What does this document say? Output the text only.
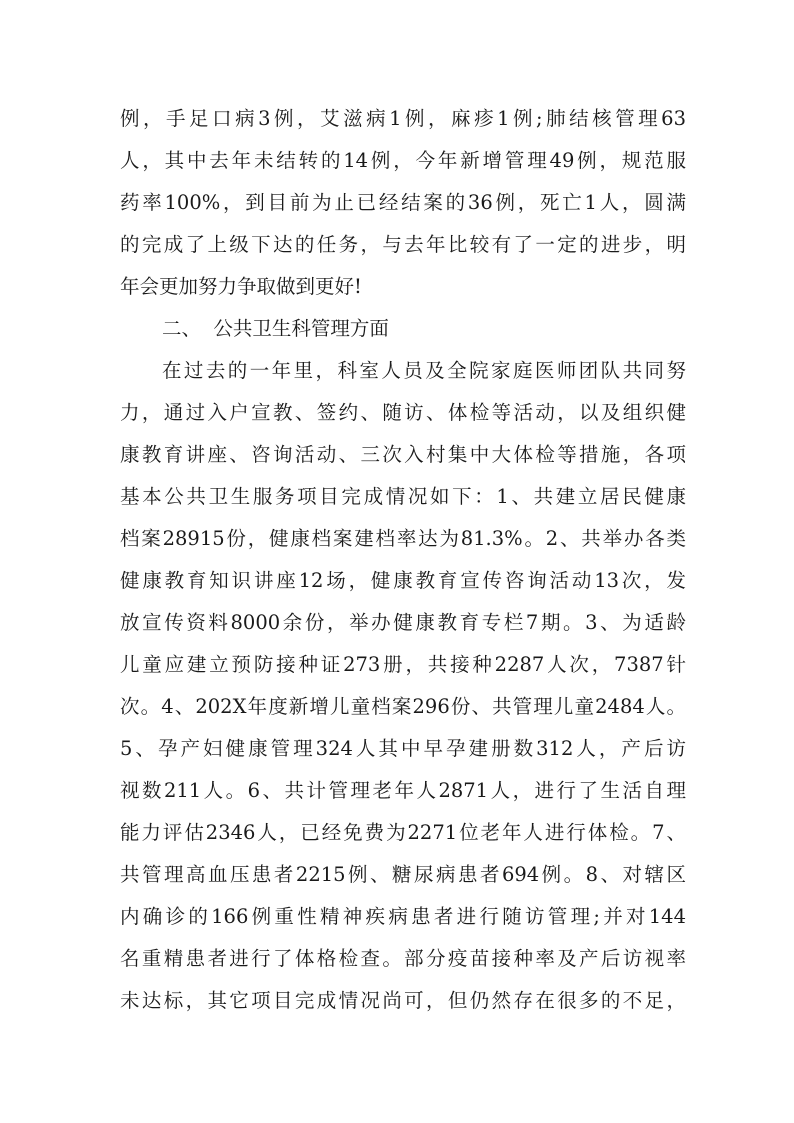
例，手足口病3例，艾滋病1例，麻疹1例;肺结核管理63
人，其中去年未结转的14例，今年新增管理49例，规范服
药率100%，到目前为止已经结案的36例，死亡1人，圆满
的完成了上级下达的任务，与去年比较有了一定的进步，明
年会更加努力争取做到更好!
二、  公共卫生科管理方面
在过去的一年里，科室人员及全院家庭医师团队共同努
力，通过入户宣教、签约、随访、体检等活动，以及组织健
康教育讲座、咨询活动、三次入村集中大体检等措施，各项
基本公共卫生服务项目完成情况如下：1、共建立居民健康
档案28915份，健康档案建档率达为81.3%。2、共举办各类
健康教育知识讲座12场，健康教育宣传咨询活动13次，发
放宣传资料8000余份，举办健康教育专栏7期。3、为适龄
儿童应建立预防接种证273册，共接种2287人次，7387针
次。4、202X年度新增儿童档案296份、共管理儿童2484人。
5、孕产妇健康管理324人其中早孕建册数312人，产后访
视数211人。6、共计管理老年人2871人，进行了生活自理
能力评估2346人，已经免费为2271位老年人进行体检。7、
共管理高血压患者2215例、糖尿病患者694例。8、对辖区
内确诊的166例重性精神疾病患者进行随访管理;并对144
名重精患者进行了体格检查。部分疫苗接种率及产后访视率
未达标，其它项目完成情况尚可，但仍然存在很多的不足，
